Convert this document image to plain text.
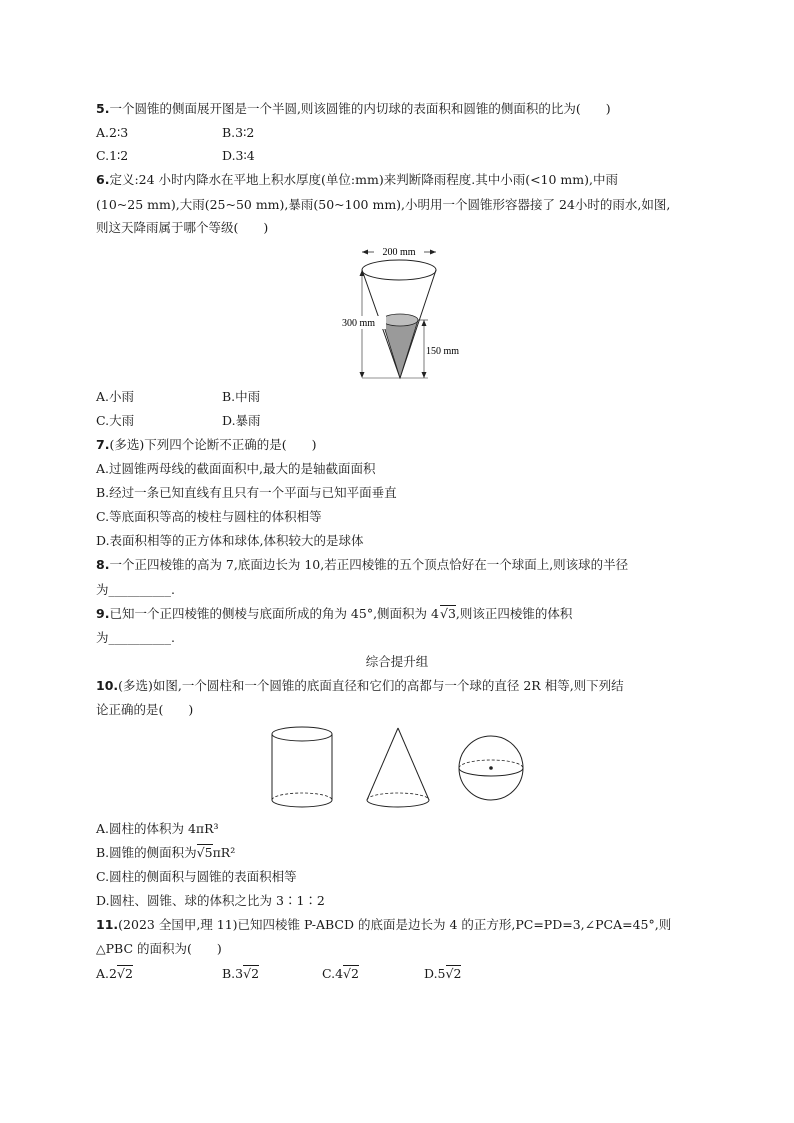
5.一个圆锥的侧面展开图是一个半圆,则该圆锥的内切球的表面积和圆锥的侧面积的比为(　　)
A.2∶3	B.3∶2
C.1∶2	D.3∶4
6.定义:24 小时内降水在平地上积水厚度(单位:mm)来判断降雨程度.其中小雨(<10 mm),中雨
(10~25 mm),大雨(25~50 mm),暴雨(50~100 mm),小明用一个圆锥形容器接了 24小时的雨水,如图,
则这天降雨属于哪个等级(　　)
200 mm
300 mm
150 mm
A.小雨	B.中雨
C.大雨	D.暴雨
7.(多选)下列四个论断不正确的是(　　)
A.过圆锥两母线的截面面积中,最大的是轴截面面积
B.经过一条已知直线有且只有一个平面与已知平面垂直
C.等底面积等高的棱柱与圆柱的体积相等
D.表面积相等的正方体和球体,体积较大的是球体
8.一个正四棱锥的高为 7,底面边长为 10,若正四棱锥的五个顶点恰好在一个球面上,则该球的半径
为__________.
9.已知一个正四棱锥的侧棱与底面所成的角为 45°,侧面积为 4√3,则该正四棱锥的体积
为__________.
综合提升组
10.(多选)如图,一个圆柱和一个圆锥的底面直径和它们的高都与一个球的直径 2R 相等,则下列结
论正确的是(　　)
A.圆柱的体积为 4πR³
B.圆锥的侧面积为√5πR²
C.圆柱的侧面积与圆锥的表面积相等
D.圆柱、圆锥、球的体积之比为 3∶1∶2
11.(2023 全国甲,理 11)已知四棱锥 P-ABCD 的底面是边长为 4 的正方形,PC=PD=3,∠PCA=45°,则
△PBC 的面积为(　　)
A.2√2	B.3√2	C.4√2	D.5√2
